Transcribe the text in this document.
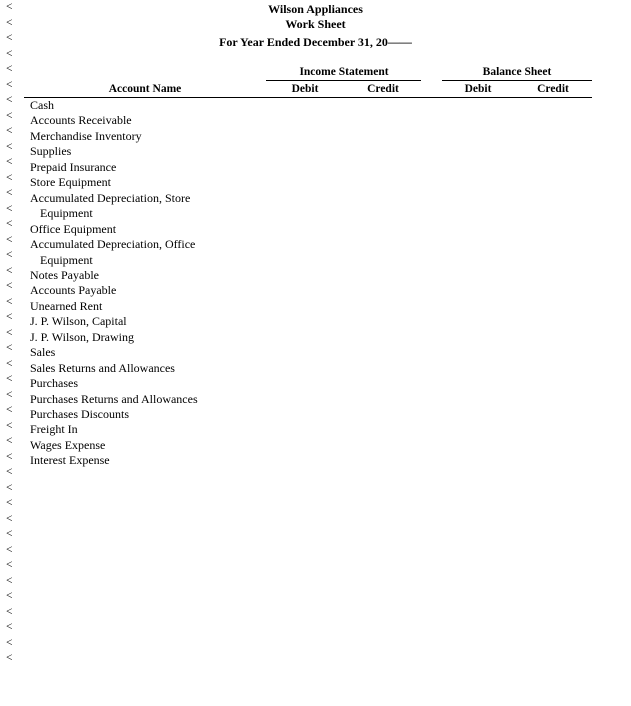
<
<
<
<
<
<
<
<
<
<
<
<
<
<
<
<
<
<
<
<
<
<
<
<
<
<
<
<
<
<
<
<
<
<
<
<
<
<
<
<
<
<
<
Wilson Appliances
Work Sheet
For Year Ended December 31, 20——
Income Statement	Balance Sheet
Account Name	Debit	Credit	Debit	Credit
Cash
Accounts Receivable
Merchandise Inventory
Supplies
Prepaid Insurance
Store Equipment
Accumulated Depreciation, Store
Equipment
Office Equipment
Accumulated Depreciation, Office
Equipment
Notes Payable
Accounts Payable
Unearned Rent
J. P. Wilson, Capital
J. P. Wilson, Drawing
Sales
Sales Returns and Allowances
Purchases
Purchases Returns and Allowances
Purchases Discounts
Freight In
Wages Expense
Interest Expense
